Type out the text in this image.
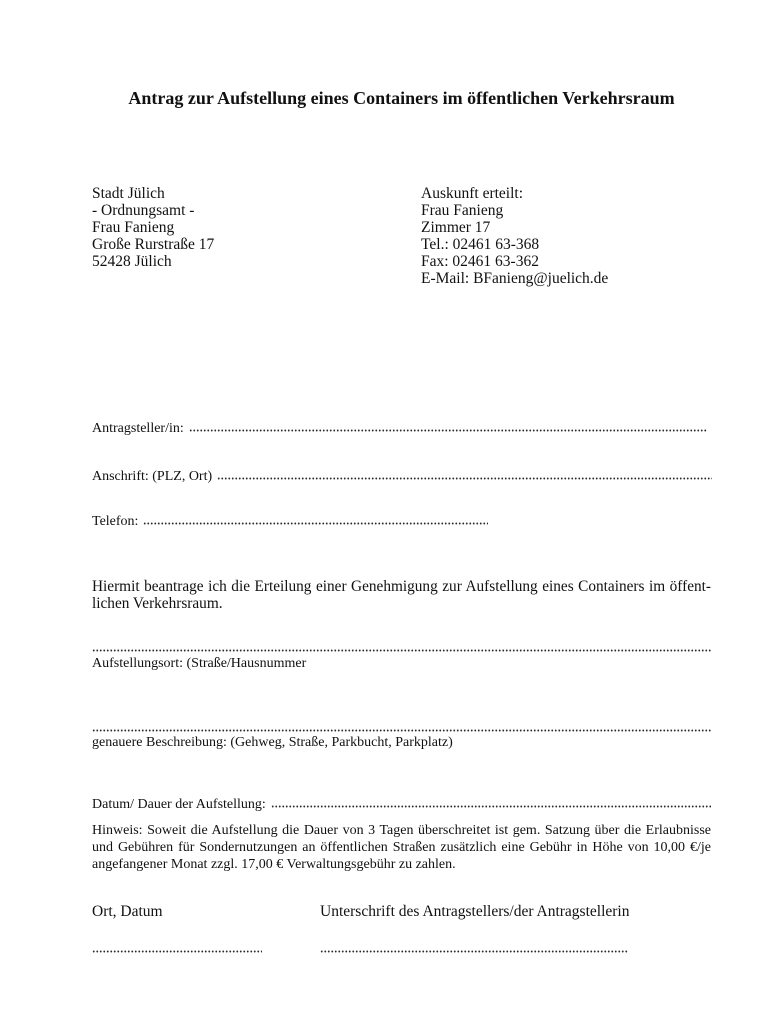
Antrag zur Aufstellung eines Containers im öffentlichen Verkehrsraum
Stadt Jülich
- Ordnungsamt -
Frau Fanieng
Große Rurstraße 17
52428 Jülich
Auskunft erteilt:
Frau Fanieng
Zimmer 17
Tel.: 02461 63-368
Fax: 02461 63-362
E-Mail: BFanieng@juelich.de
Antragsteller/in:
Anschrift: (PLZ, Ort)
Telefon:
Hiermit beantrage ich die Erteilung einer Genehmigung zur Aufstellung eines Containers im öffent-
lichen Verkehrsraum.
Aufstellungsort: (Straße/Hausnummer
genauere Beschreibung: (Gehweg, Straße, Parkbucht, Parkplatz)
Datum/ Dauer der Aufstellung:
Hinweis: Soweit die Aufstellung die Dauer von 3 Tagen überschreitet ist gem. Satzung über die Erlaubnisse
und Gebühren für Sondernutzungen an öffentlichen Straßen zusätzlich eine Gebühr in Höhe von 10,00 €/je
angefangener Monat zzgl. 17,00 € Verwaltungsgebühr zu zahlen.
Ort, Datum	Unterschrift des Antragstellers/der Antragstellerin
